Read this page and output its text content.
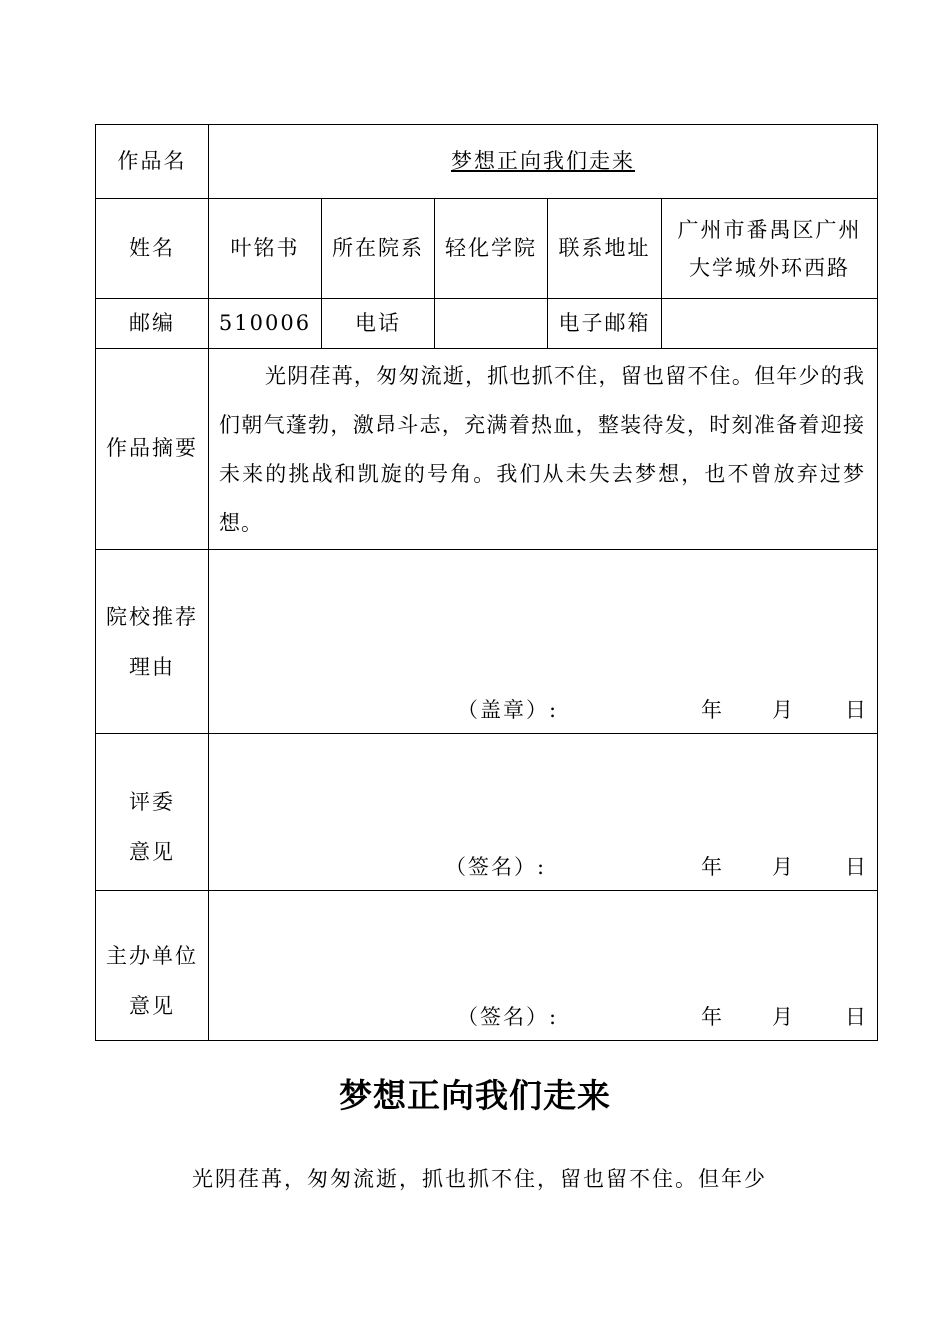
作品名	梦想正向我们走来				
姓名	叶铭书	所在院系	轻化学院	联系地址	广州市番禺区广州大学城外环西路
邮编	510006	电话		电子邮箱	
作品摘要	光阴荏苒，匆匆流逝，抓也抓不住，留也留不住。但年少的我们朝气蓬勃，激昂斗志，充满着热血，整装待发，时刻准备着迎接未来的挑战和凯旋的号角。我们从未失去梦想，也不曾放弃过梦想。				

院校推荐理由	（盖章）: 年 月 日				

评委意见	（签名）: 年 月 日				

主办单位意见	（签名）: 年 月 日				
梦想正向我们走来
光阴荏苒，匆匆流逝，抓也抓不住，留也留不住。但年少
